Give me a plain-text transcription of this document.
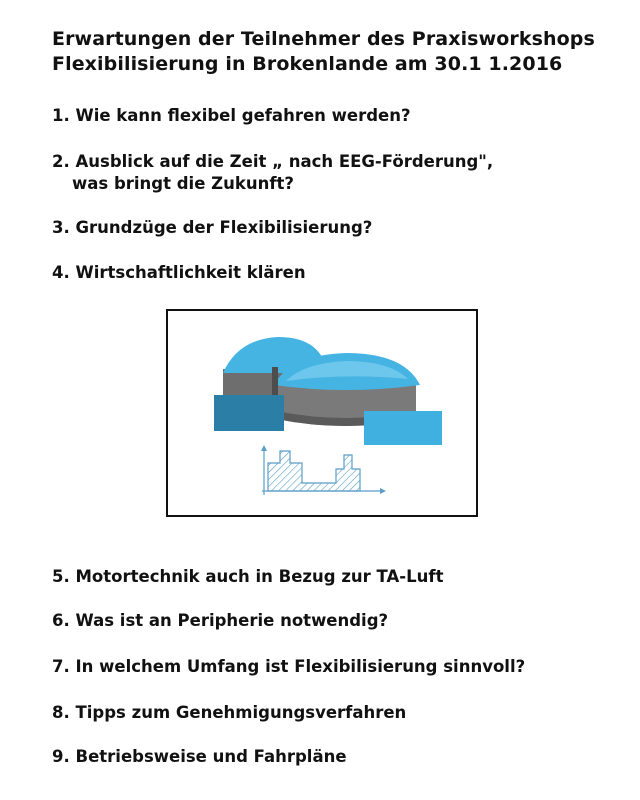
Erwartungen der Teilnehmer des Praxisworkshops
Flexibilisierung in Brokenlande am 30.1 1.2016
1. Wie kann flexibel gefahren werden?
2. Ausblick auf die Zeit „ nach EEG-Förderung",
was bringt die Zukunft?
3. Grundzüge der Flexibilisierung?
4. Wirtschaftlichkeit klären
5. Motortechnik auch in Bezug zur TA-Luft
6. Was ist an Peripherie notwendig?
7. In welchem Umfang ist Flexibilisierung sinnvoll?
8. Tipps zum Genehmigungsverfahren
9. Betriebsweise und Fahrpläne
